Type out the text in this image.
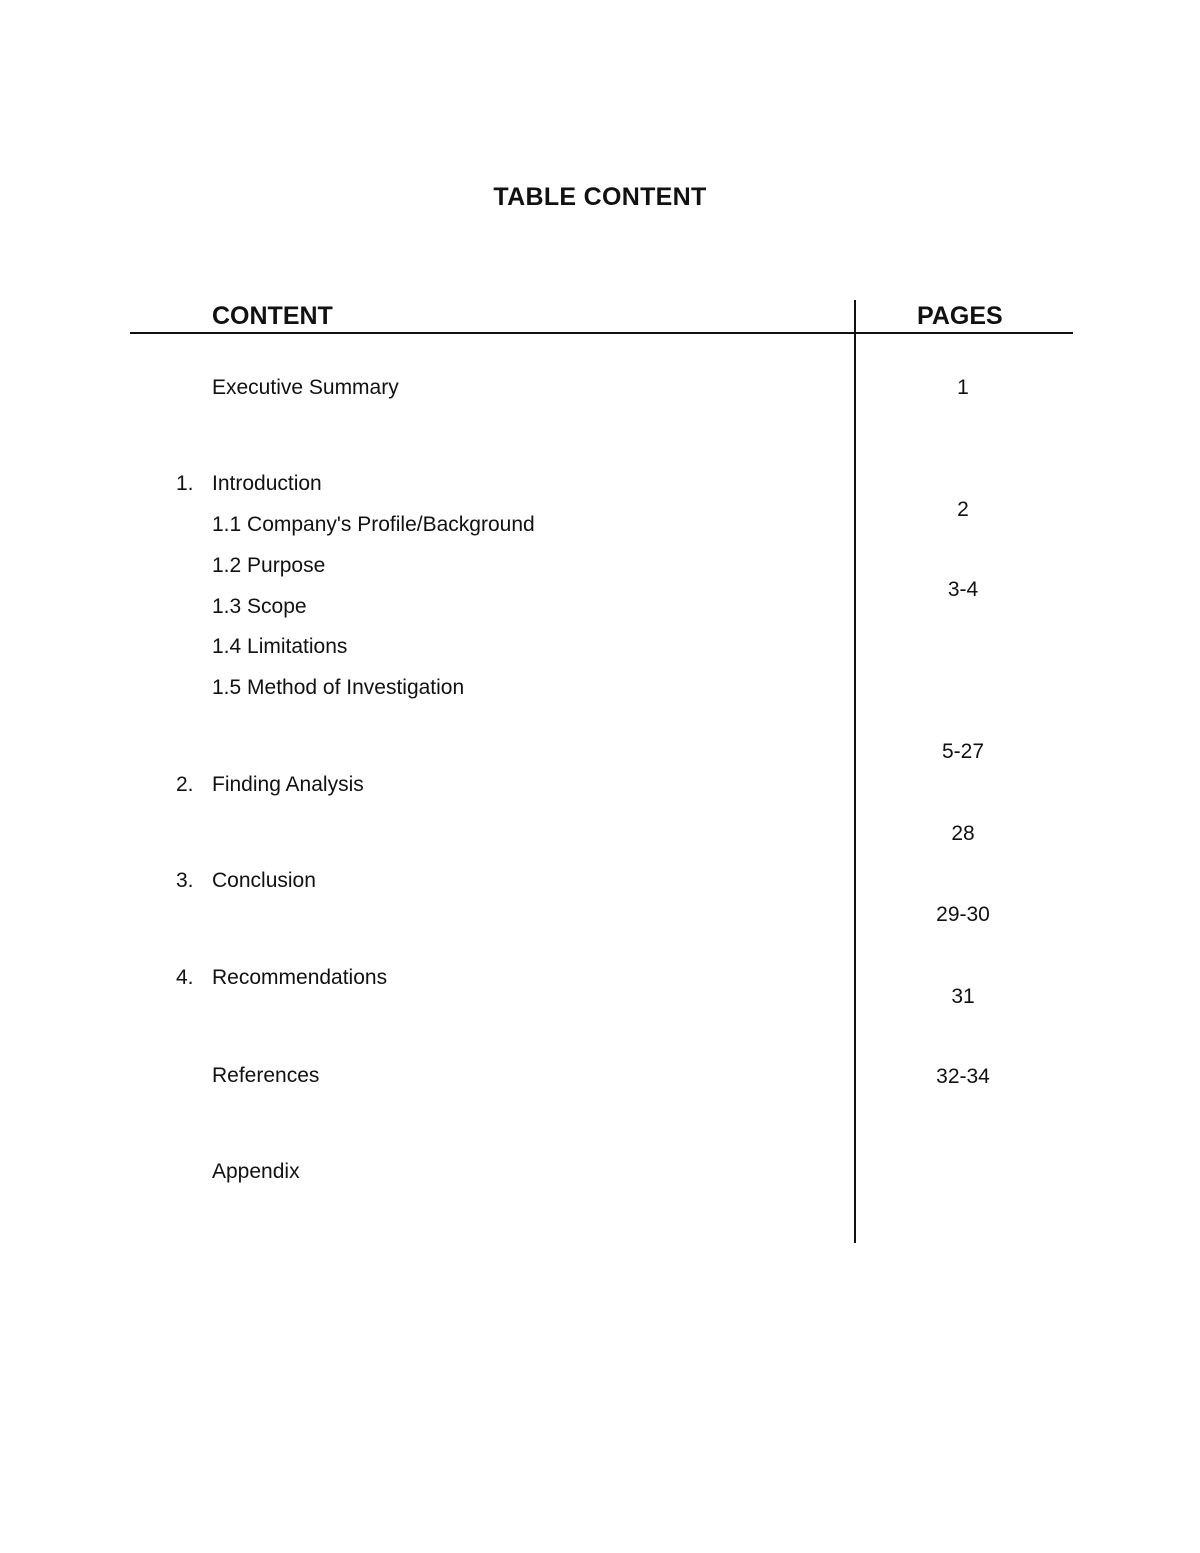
TABLE CONTENT
CONTENT	PAGES
Executive Summary
1. Introduction
1.1 Company's Profile/Background
1.2 Purpose
1.3 Scope
1.4 Limitations
1.5 Method of Investigation
2. Finding Analysis
3. Conclusion
4. Recommendations
References
Appendix
1
2
3-4
5-27
28
29-30
31
32-34
